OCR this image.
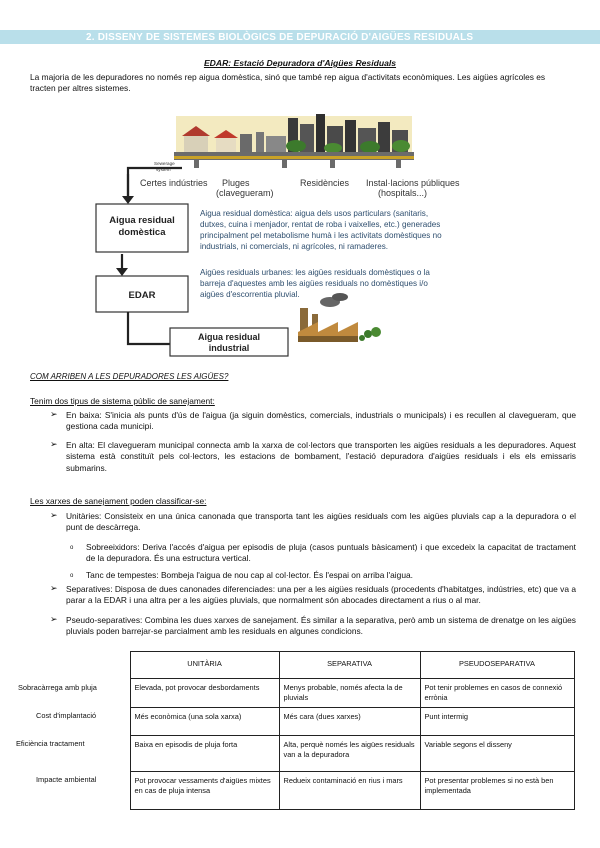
2. DISSENY DE SISTEMES BIOLÒGICS DE DEPURACIÓ D'AIGÜES RESIDUALS
EDAR: Estació Depuradora d'Aigües Residuals

La majoria de les depuradores no només rep aigua domèstica, sinó que també rep aigua d'activitats econòmiques. Les aigües agrícoles es tracten per altres sistemes.

Sewerage
system
Certes indústries Pluges
(clavegueram)
Residències Instal·lacions públiques
(hospitals...)
Aigua residual
domèstica
EDAR
Aigua residual
industrial
Aigua residual domèstica: aigua dels usos particulars (sanitaris,
dutxes, cuina i menjador, rentat de roba i vaixelles, etc.) generades
principalment pel metabolisme humà i les activitats domèstiques no
industrials, ni comercials, ni agrícoles, ni ramaderes.
Aigües residuals urbanes: les aigües residuals domèstiques o la
barreja d'aquestes amb les aigües residuals no domèstiques i/o
aigües d'escorrentia pluvial.
COM ARRIBEN A LES DEPURADORES LES AIGÜES?
Tenim dos tipus de sistema públic de sanejament:
➢ En baixa: S'inicia als punts d'ús de l'aigua (ja siguin domèstics, comercials, industrials o municipals) i es recullen al clavegueram, que gestiona cada municipi.

➢ En alta: El clavegueram municipal connecta amb la xarxa de col·lectors que transporten les aigües residuals a les depuradores. Aquest sistema està constituït pels col·lectors, les estacions de bombament, l'estació depuradora d'aigües residuals i els els emissaris submarins.

Les xarxes de sanejament poden classificar-se:
➢ Unitàries: Consisteix en una única canonada que transporta tant les aigües residuals com les aigües pluvials cap a la depuradora o el punt de descàrrega.

o Sobreeixidors: Deriva l'accés d'aigua per episodis de pluja (casos puntuals bàsicament) i que excedeix la capacitat de tractament de la depuradora. És una estructura vertical.

o Tanc de tempestes: Bombeja l'aigua de nou cap al col·lector. És l'espai on arriba l'aigua.

➢ Separatives: Disposa de dues canonades diferenciades: una per a les aigües residuals (procedents d'habitatges, indústries, etc) que va a parar a la EDAR i una altra per a les aigües pluvials, que normalment són abocades directament a rius o al mar.

➢ Pseudo-separatives: Combina les dues xarxes de sanejament. És similar a la separativa, però amb un sistema de drenatge on les aigües pluvials poden barrejar-se parcialment amb les residuals en algunes condicions.

	UNITÀRIA	SEPARATIVA	PSEUDOSEPARATIVA
Sobracàrrega amb pluja	Elevada, pot provocar desbordaments	Menys probable, només afecta la de pluvials	Pot tenir problemes en casos de connexió errònia
Cost d'implantació	Més econòmica (una sola xarxa)	Més cara (dues xarxes)	Punt intermig
Eficiència tractament	Baixa en episodis de pluja forta	Alta, perquè només les aigües residuals van a la depuradora	Variable segons el disseny
Impacte ambiental	Pot provocar vessaments d'aigües mixtes en cas de pluja intensa	Redueix contaminació en rius i mars	Pot presentar problemes si no està ben implementada
